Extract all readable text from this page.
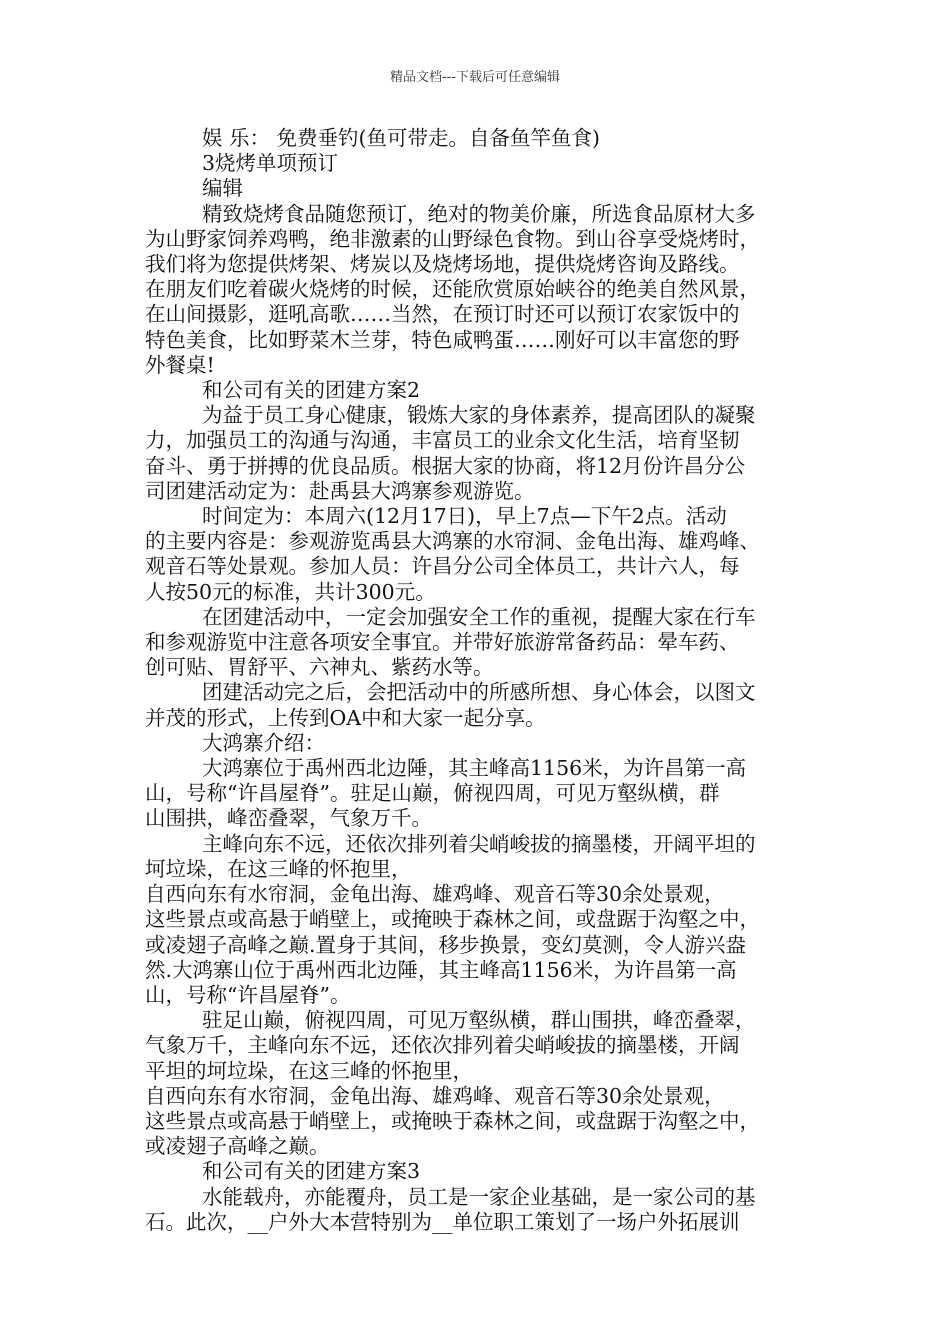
精品文档---下载后可任意编辑

娱 乐： 免费垂钓(鱼可带走。自备鱼竿鱼食)

3烧烤单项预订

编辑

精致烧烤食品随您预订，绝对的物美价廉，所选食品原材大多

为山野家饲养鸡鸭，绝非激素的山野绿色食物。到山谷享受烧烤时，

我们将为您提供烤架、烤炭以及烧烤场地，提供烧烤咨询及路线。

在朋友们吃着碳火烧烤的时候，还能欣赏原始峡谷的绝美自然风景，

在山间摄影，逛吼高歌……当然，在预订时还可以预订农家饭中的

特色美食，比如野菜木兰芽，特色咸鸭蛋……刚好可以丰富您的野

外餐桌!

和公司有关的团建方案2

为益于员工身心健康，锻炼大家的身体素养，提高团队的凝聚

力，加强员工的沟通与沟通，丰富员工的业余文化生活，培育坚韧

奋斗、勇于拼搏的优良品质。根据大家的协商，将12月份许昌分公

司团建活动定为：赴禹县大鸿寨参观游览。

时间定为：本周六(12月17日)，早上7点—下午2点。活动

的主要内容是：参观游览禹县大鸿寨的水帘洞、金龟出海、雄鸡峰、

观音石等处景观。参加人员：许昌分公司全体员工，共计六人，每

人按50元的标准，共计300元。

在团建活动中，一定会加强安全工作的重视，提醒大家在行车

和参观游览中注意各项安全事宜。并带好旅游常备药品：晕车药、

创可贴、胃舒平、六神丸、紫药水等。

团建活动完之后，会把活动中的所感所想、身心体会，以图文

并茂的形式，上传到OA中和大家一起分享。

大鸿寨介绍：

大鸿寨位于禹州西北边陲，其主峰高1156米，为许昌第一高

山，号称“许昌屋脊”。驻足山巅，俯视四周，可见万壑纵横，群

山围拱，峰峦叠翠，气象万千。

主峰向东不远，还依次排列着尖峭峻拔的摘墨楼，开阔平坦的

坷垃垛，在这三峰的怀抱里，

自西向东有水帘洞，金龟出海、雄鸡峰、观音石等30余处景观，

这些景点或高悬于峭壁上，或掩映于森林之间，或盘踞于沟壑之中，

或凌翅子高峰之巅.置身于其间，移步换景，变幻莫测，令人游兴盎

然.大鸿寨山位于禹州西北边陲，其主峰高1156米，为许昌第一高

山，号称“许昌屋脊”。

驻足山巅，俯视四周，可见万壑纵横，群山围拱，峰峦叠翠，

气象万千，主峰向东不远，还依次排列着尖峭峻拔的摘墨楼，开阔

平坦的坷垃垛，在这三峰的怀抱里，

自西向东有水帘洞，金龟出海、雄鸡峰、观音石等30余处景观，

这些景点或高悬于峭壁上，或掩映于森林之间，或盘踞于沟壑之中，

或凌翅子高峰之巅。

和公司有关的团建方案3

水能载舟，亦能覆舟，员工是一家企业基础，是一家公司的基

石。此次，__户外大本营特别为__单位职工策划了一场户外拓展训
